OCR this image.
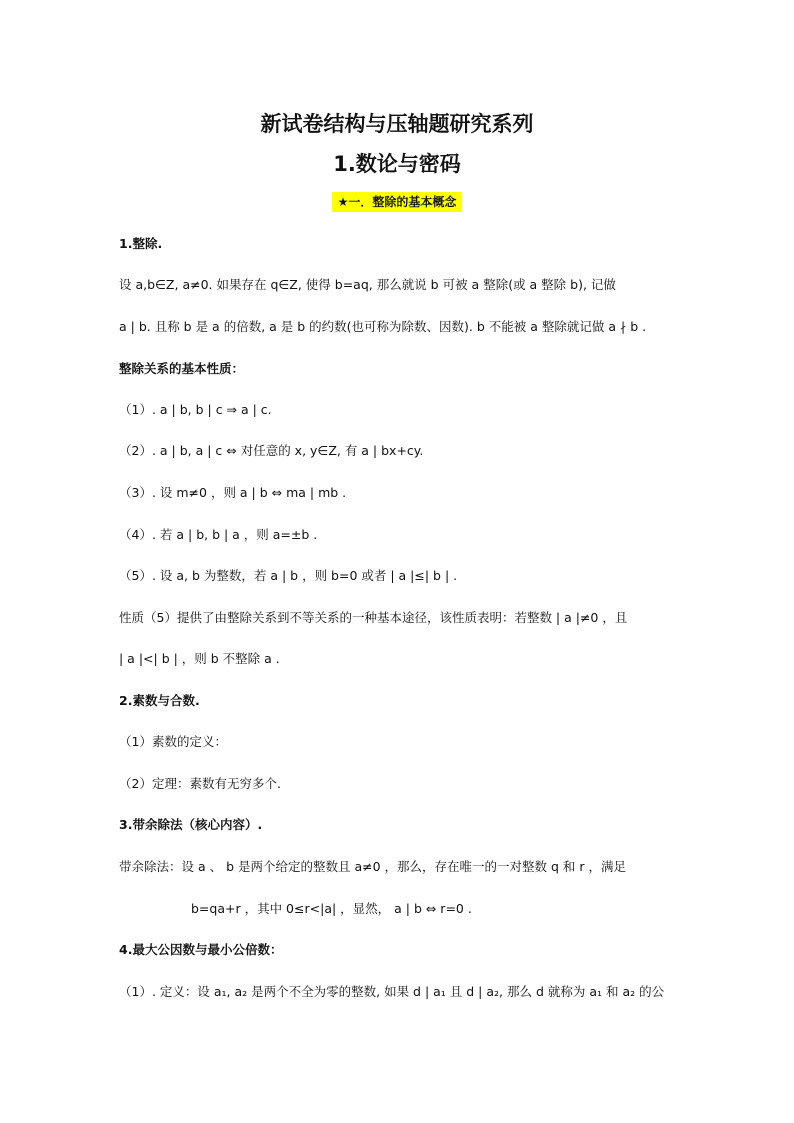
新试卷结构与压轴题研究系列
1.数论与密码
★一．整除的基本概念
1.整除.
设 a,b∈Z, a≠0. 如果存在 q∈Z, 使得 b=aq, 那么就说 b 可被 a 整除(或 a 整除 b), 记做
a | b. 且称 b 是 a 的倍数, a 是 b 的约数(也可称为除数、因数). b 不能被 a 整除就记做 a ∤ b .
整除关系的基本性质：
（1）. a | b, b | c ⇒ a | c.
（2）. a | b, a | c ⇔ 对任意的 x, y∈Z, 有 a | bx+cy.
（3）. 设 m≠0 ，则 a | b ⇔ ma | mb .
（4）. 若 a | b, b | a ，则 a=±b .
（5）. 设 a, b 为整数，若 a | b ，则 b=0 或者 | a |≤| b | .
性质（5）提供了由整除关系到不等关系的一种基本途径，该性质表明：若整数 | a |≠0 ，且
| a |<| b | ，则 b 不整除 a .
2.素数与合数.
（1）素数的定义：
（2）定理：素数有无穷多个.
3.带余除法（核心内容）.
带余除法：设 a 、 b 是两个给定的整数且 a≠0 ，那么，存在唯一的一对整数 q 和 r ，满足
b=qa+r ，其中 0≤r<|a| ，显然， a | b ⇔ r=0 .
4.最大公因数与最小公倍数：
（1）. 定义：设 a₁, a₂ 是两个不全为零的整数, 如果 d | a₁ 且 d | a₂, 那么 d 就称为 a₁ 和 a₂ 的公
